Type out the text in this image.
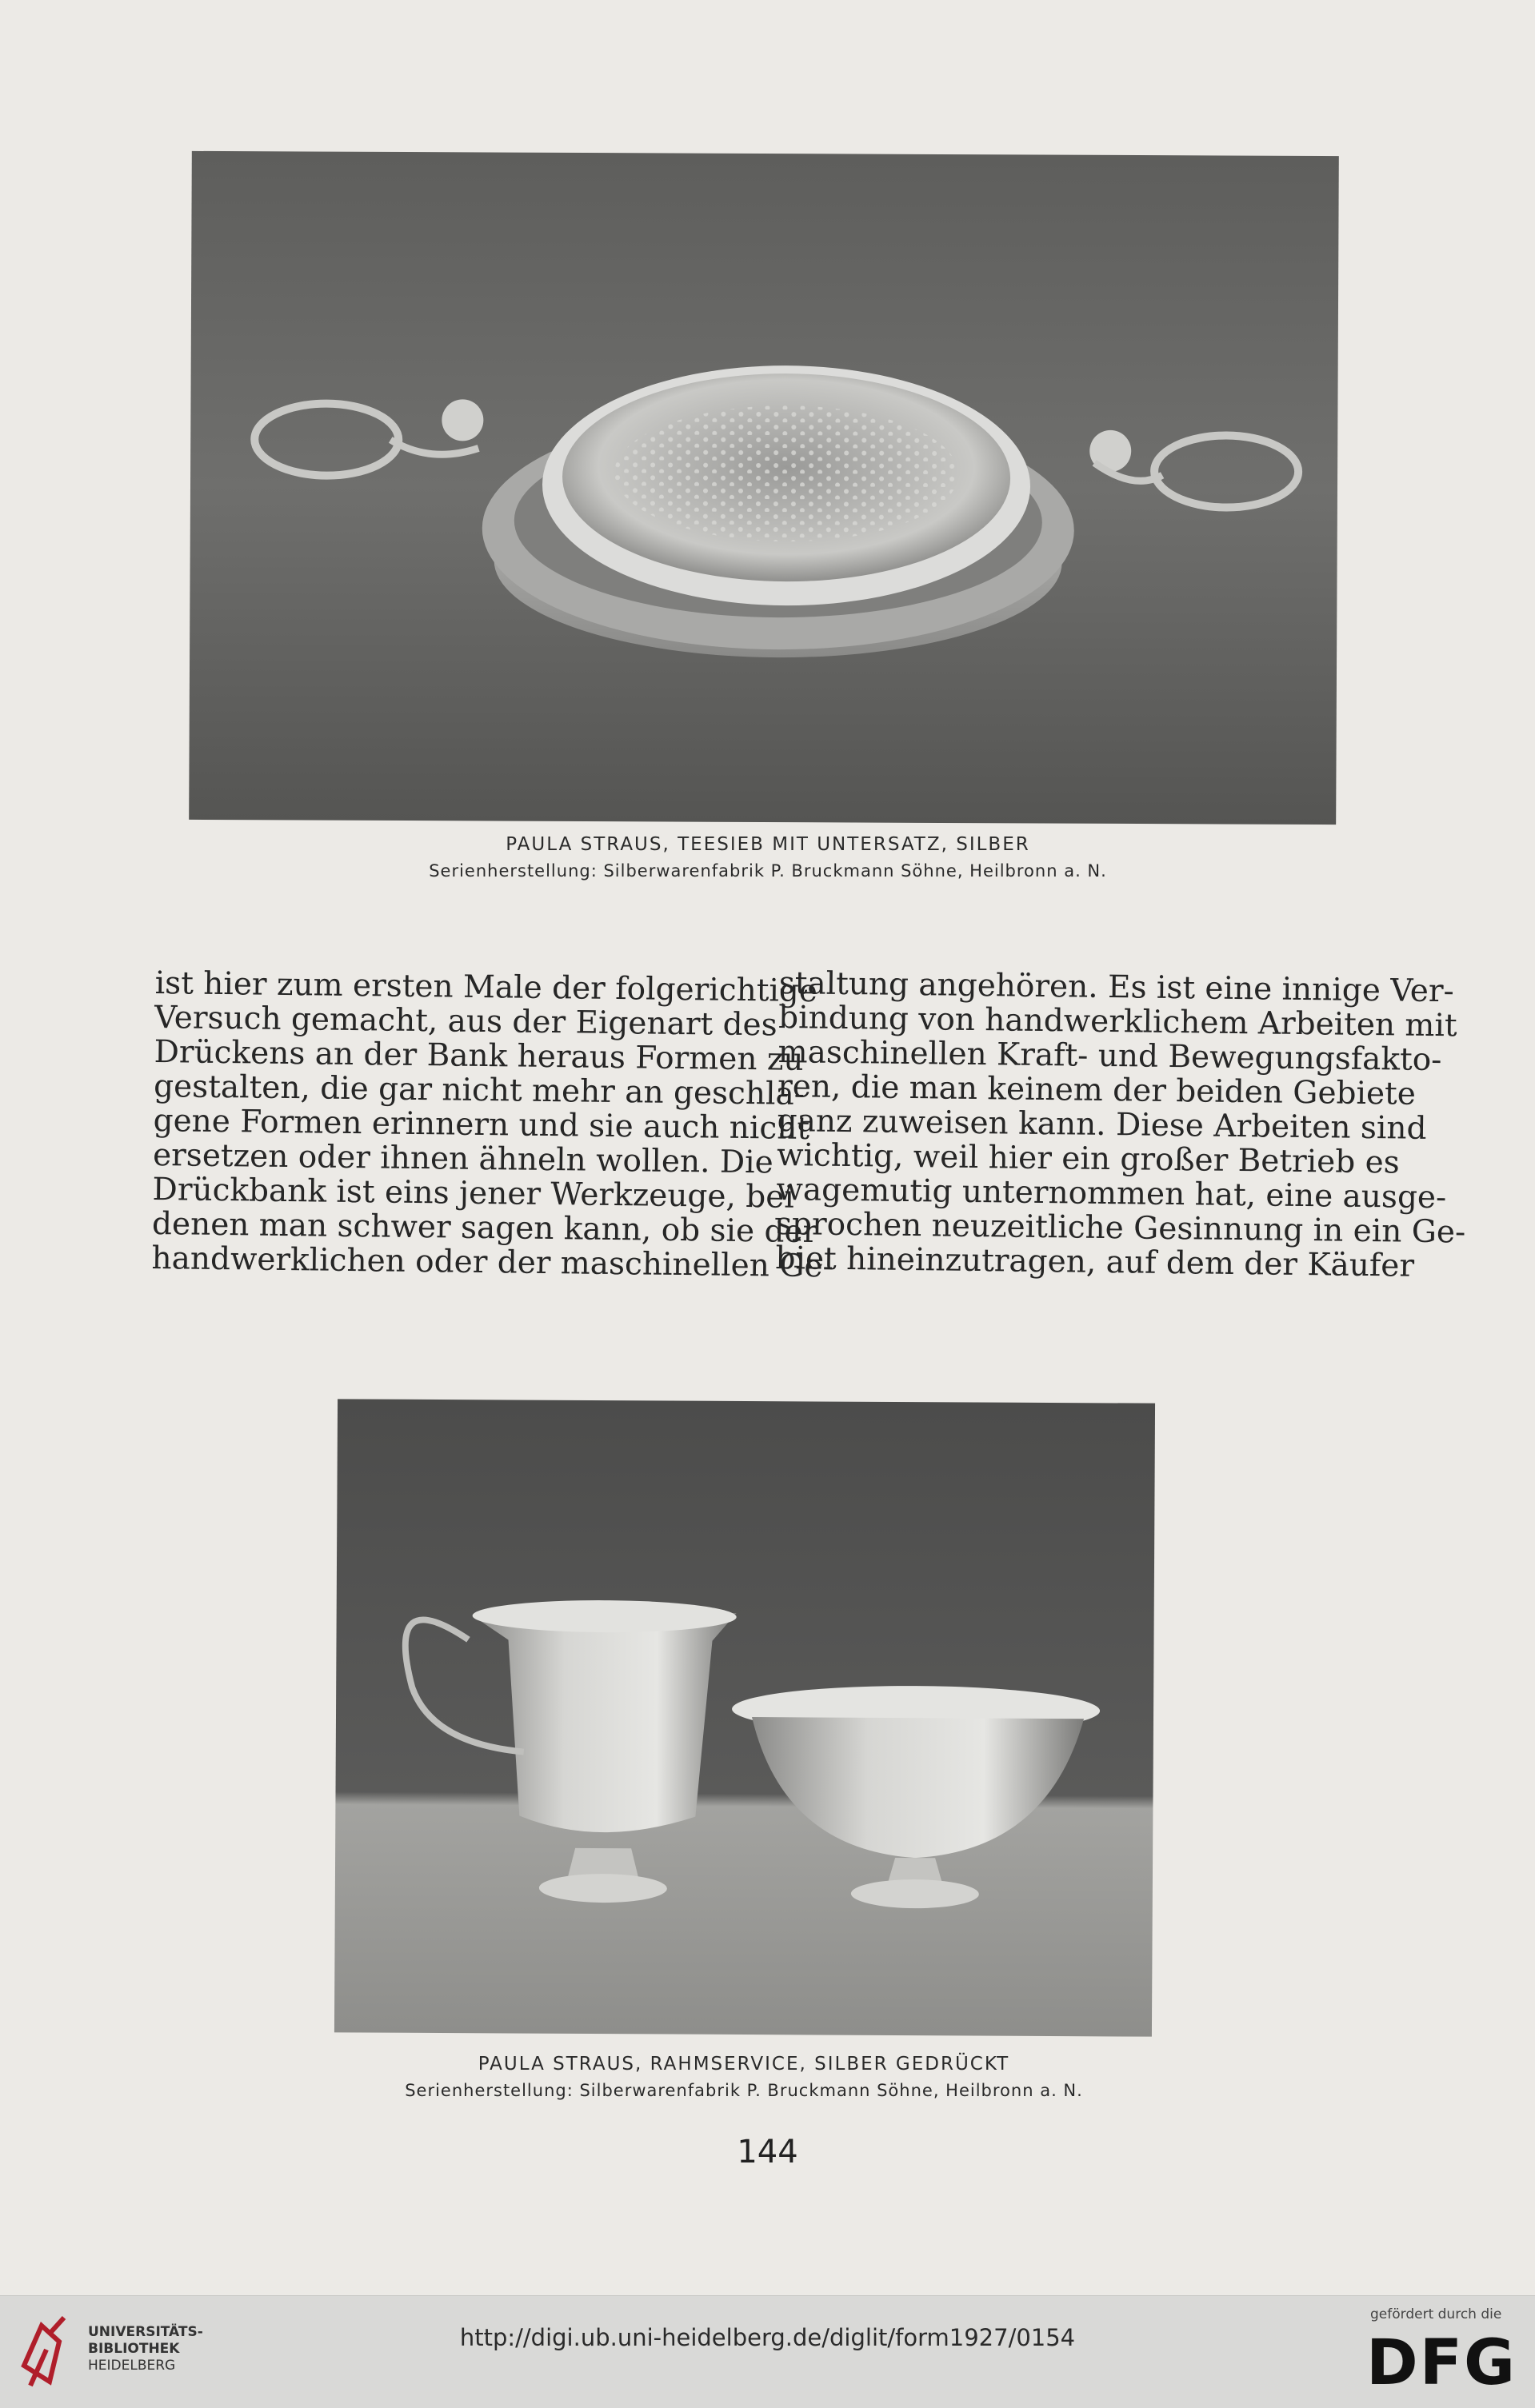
PAULA STRAUS, TEESIEB MIT UNTERSATZ, SILBER
Serienherstellung: Silberwarenfabrik P. Bruckmann Söhne, Heilbronn a. N.
ist hier zum ersten Male der folgerichtige
Versuch gemacht, aus der Eigenart des
Drückens an der Bank heraus Formen zu
gestalten, die gar nicht mehr an geschla-
gene Formen erinnern und sie auch nicht
ersetzen oder ihnen ähneln wollen. Die
Drückbank ist eins jener Werkzeuge, bei
denen man schwer sagen kann, ob sie der
handwerklichen oder der maschinellen Ge-
staltung angehören. Es ist eine innige Ver-
bindung von handwerklichem Arbeiten mit
maschinellen Kraft- und Bewegungsfakto-
ren, die man keinem der beiden Gebiete
ganz zuweisen kann. Diese Arbeiten sind
wichtig, weil hier ein großer Betrieb es
wagemutig unternommen hat, eine ausge-
sprochen neuzeitliche Gesinnung in ein Ge-
biet hineinzutragen, auf dem der Käufer
PAULA STRAUS, RAHMSERVICE, SILBER GEDRÜCKT
Serienherstellung: Silberwarenfabrik P. Bruckmann Söhne, Heilbronn a. N.
144
UNIVERSITÄTS-
BIBLIOTHEK
HEIDELBERG
http://digi.ub.uni-heidelberg.de/diglit/form1927/0154
gefördert durch die
DFG
